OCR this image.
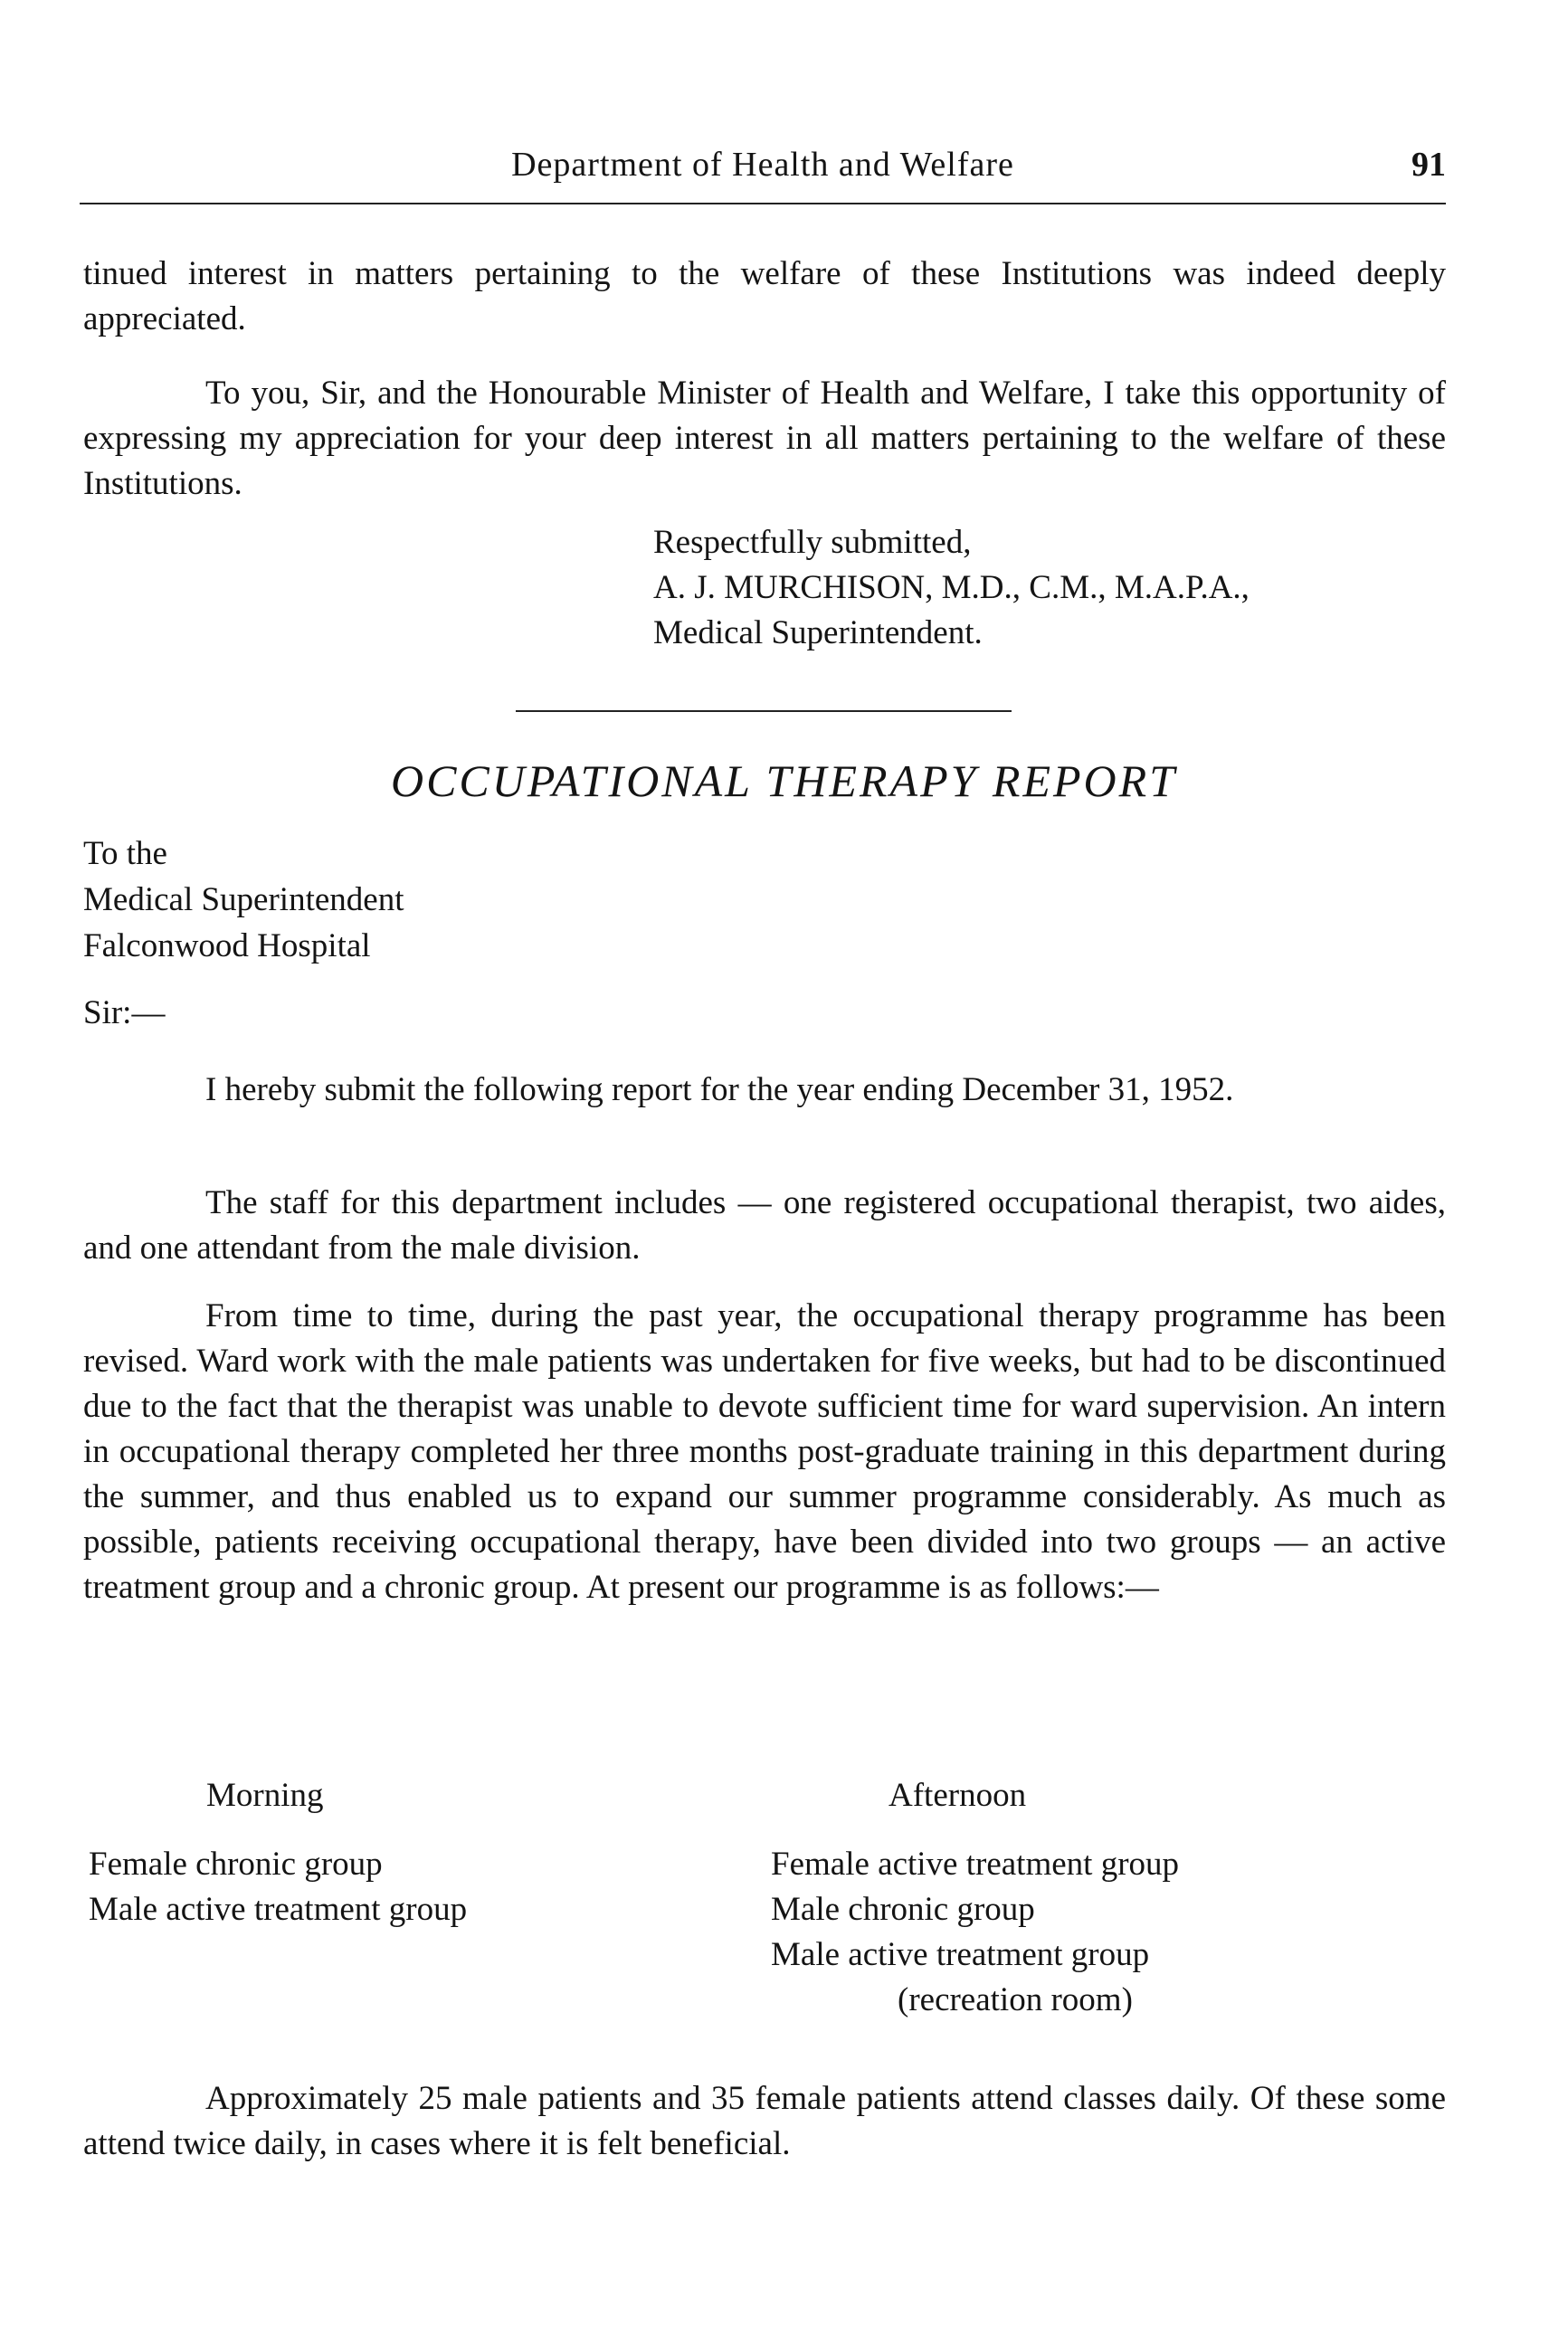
Department of Health and Welfare	91

tinued interest in matters pertaining to the welfare of these Institutions was indeed deeply appreciated.

To you, Sir, and the Honourable Minister of Health and Welfare, I take this opportunity of expressing my appreciation for your deep interest in all matters pertaining to the welfare of these Institutions.

Respectfully submitted,
A. J. MURCHISON, M.D., C.M., M.A.P.A.,
Medical Superintendent.
OCCUPATIONAL THERAPY REPORT
To the
Medical Superintendent
Falconwood Hospital
Sir:—

I hereby submit the following report for the year ending December 31, 1952.

The staff for this department includes — one registered occupational therapist, two aides, and one attendant from the male division.

From time to time, during the past year, the occupational therapy programme has been revised. Ward work with the male patients was undertaken for five weeks, but had to be discontinued due to the fact that the therapist was unable to devote sufficient time for ward supervision. An intern in occupational therapy completed her three months post-graduate training in this department during the summer, and thus enabled us to expand our summer programme considerably. As much as possible, patients receiving occupational therapy, have been divided into two groups — an active treatment group and a chronic group. At present our programme is as follows:—

Morning	Afternoon
Female chronic group
Male active treatment group
Female active treatment group
Male chronic group
Male active treatment group
(recreation room)

Approximately 25 male patients and 35 female patients attend classes daily. Of these some attend twice daily, in cases where it is felt beneficial.
